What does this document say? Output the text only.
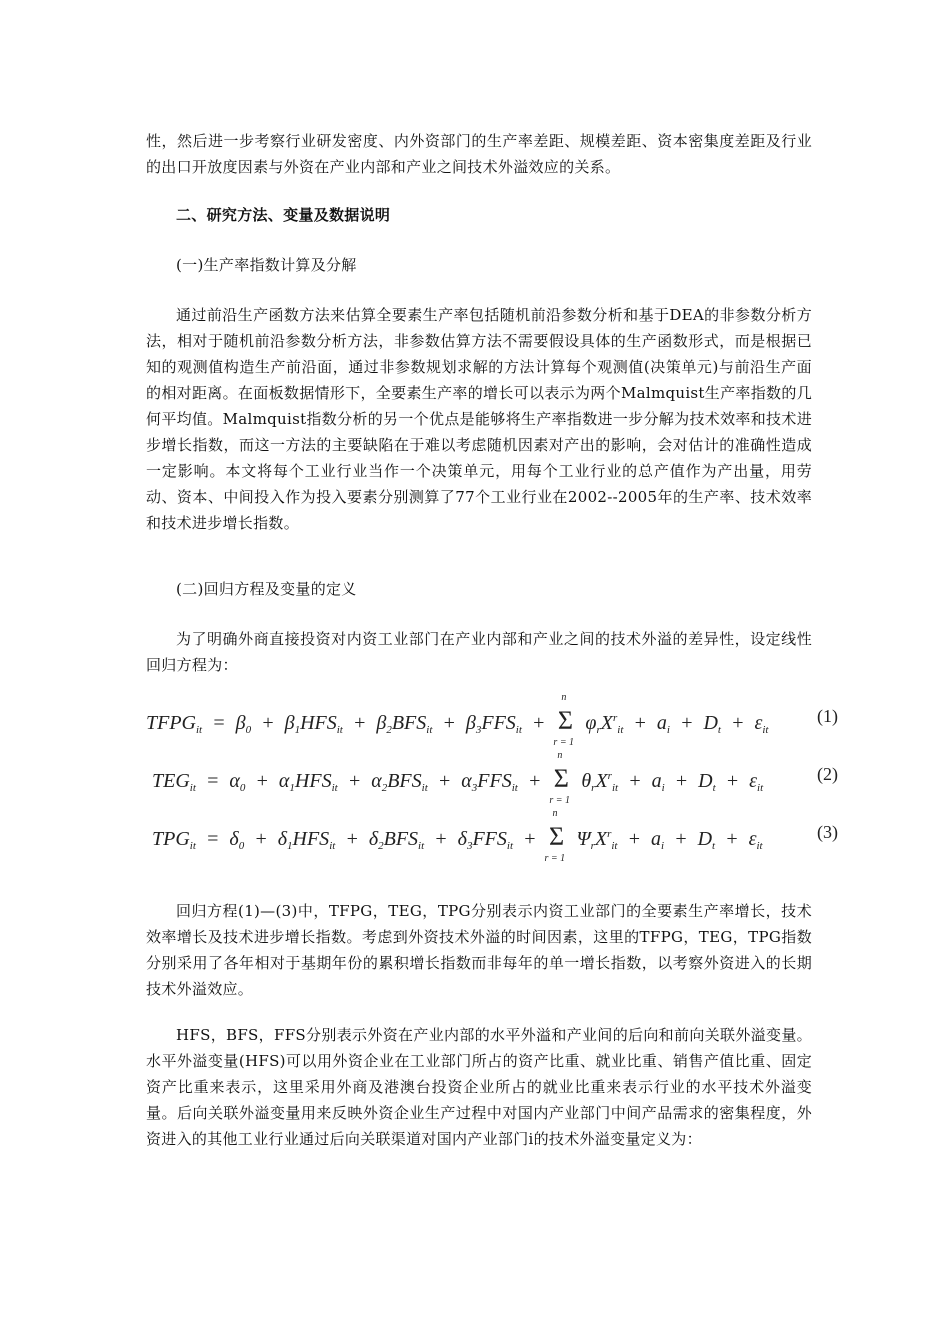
性，然后进一步考察行业研发密度、内外资部门的生产率差距、规模差距、资本密集度差距及行业的出口开放度因素与外资在产业内部和产业之间技术外溢效应的关系。

二、研究方法、变量及数据说明

(一)生产率指数计算及分解

通过前沿生产函数方法来估算全要素生产率包括随机前沿参数分析和基于DEA的非参数分析方法，相对于随机前沿参数分析方法，非参数估算方法不需要假设具体的生产函数形式，而是根据已知的观测值构造生产前沿面，通过非参数规划求解的方法计算每个观测值(决策单元)与前沿生产面的相对距离。在面板数据情形下，全要素生产率的增长可以表示为两个Malmquist生产率指数的几何平均值。Malmquist指数分析的另一个优点是能够将生产率指数进一步分解为技术效率和技术进步增长指数，而这一方法的主要缺陷在于难以考虑随机因素对产出的影响，会对估计的准确性造成一定影响。本文将每个工业行业当作一个决策单元，用每个工业行业的总产值作为产出量，用劳动、资本、中间投入作为投入要素分别测算了77个工业行业在2002--2005年的生产率、技术效率和技术进步增长指数。

(二)回归方程及变量的定义

为了明确外商直接投资对内资工业部门在产业内部和产业之间的技术外溢的差异性，设定线性回归方程为：

$TFPG_{it} = \beta_0 + \beta_1HFS_{it} + \beta_2BFS_{it} + \beta_3FFS_{it} + \Sigma$
n
r = 1
$\varphi_rX^r_{it} + a_i + D_t + \varepsilon_{it}$
(1)
$TEG_{it} = \alpha_0 + \alpha_1HFS_{it} + \alpha_2BFS_{it} + \alpha_3FFS_{it} + \Sigma$
n
r = 1
$\theta_rX^r_{it} + a_i + D_t + \varepsilon_{it}$
(2)
$TPG_{it} = \delta_0 + \delta_1HFS_{it} + \delta_2BFS_{it} + \delta_3FFS_{it} + \Sigma$
n
r = 1
$\Psi_rX^r_{it} + a_i + D_t + \varepsilon_{it}$
(3)

回归方程(1)—(3)中，TFPG，TEG，TPG分别表示内资工业部门的全要素生产率增长，技术效率增长及技术进步增长指数。考虑到外资技术外溢的时间因素，这里的TFPG，TEG，TPG指数分别采用了各年相对于基期年份的累积增长指数而非每年的单一增长指数，以考察外资进入的长期技术外溢效应。

HFS，BFS，FFS分别表示外资在产业内部的水平外溢和产业间的后向和前向关联外溢变量。水平外溢变量(HFS)可以用外资企业在工业部门所占的资产比重、就业比重、销售产值比重、固定资产比重来表示，这里采用外商及港澳台投资企业所占的就业比重来表示行业的水平技术外溢变量。后向关联外溢变量用来反映外资企业生产过程中对国内产业部门中间产品需求的密集程度，外资进入的其他工业行业通过后向关联渠道对国内产业部门i的技术外溢变量定义为：
